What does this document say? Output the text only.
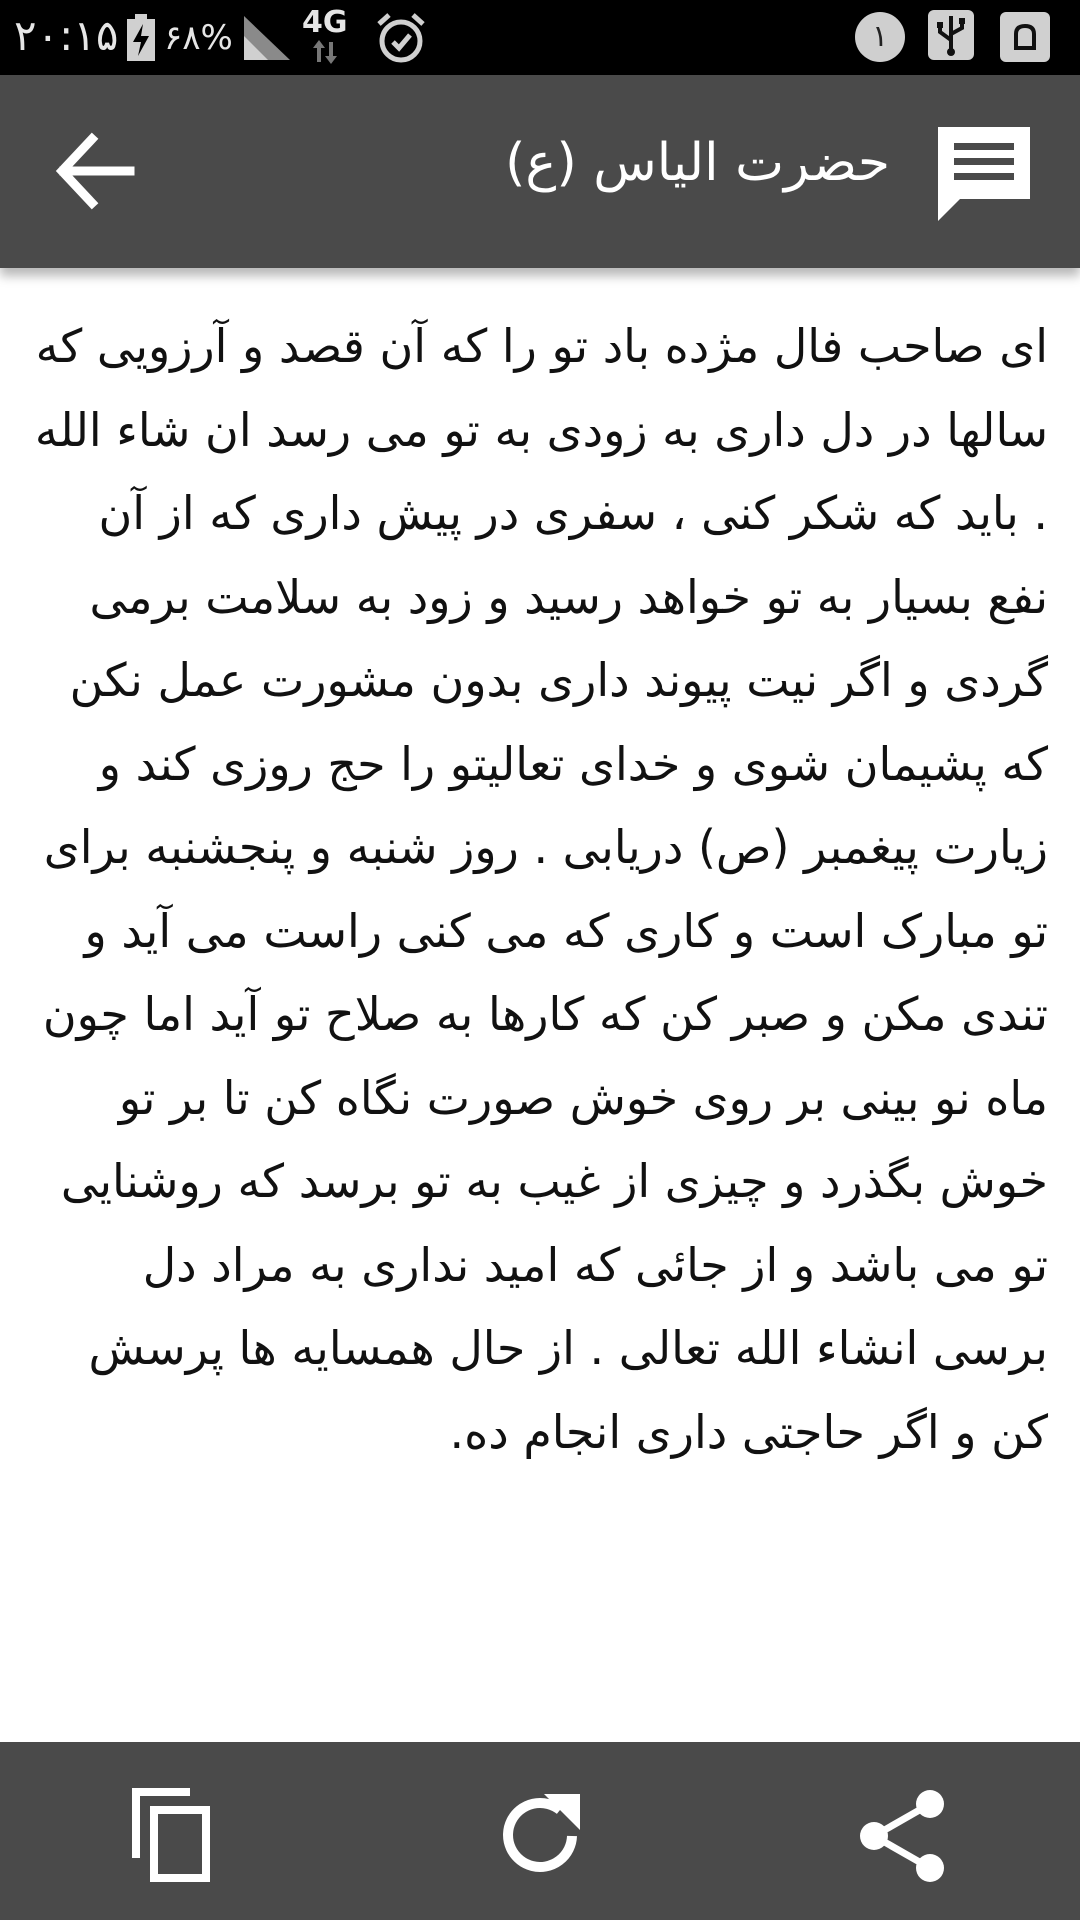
۲۰:۱۵ ۶۸% 4G	۱
حضرت الیاس (ع)
ای صاحب فال مژده باد تو را که آن قصد و آرزویی که سالها در دل داری به زودی به تو می رسد ان شاء الله . باید که شکر کنی ، سفری در پیش داری که از آن نفع بسیار به تو خواهد رسید و زود به سلامت برمی گردی و اگر نیت پیوند داری بدون مشورت عمل نکن که پشیمان شوی و خدای تعالیتو را حج روزی کند و زیارت پیغمبر (ص) دریابی . روز شنبه و پنجشنبه برای تو مبارک است و کاری که می کنی راست می آید و تندی مکن و صبر کن که کارها به صلاح تو آید اما چون ماه نو بینی بر روی خوش صورت نگاه کن تا بر تو خوش بگذرد و چیزی از غیب به تو برسد که روشنایی تو می باشد و از جائی که امید نداری به مراد دل برسی انشاء الله تعالی . از حال همسایه ها پرسش کن و اگر حاجتی داری انجام ده.
